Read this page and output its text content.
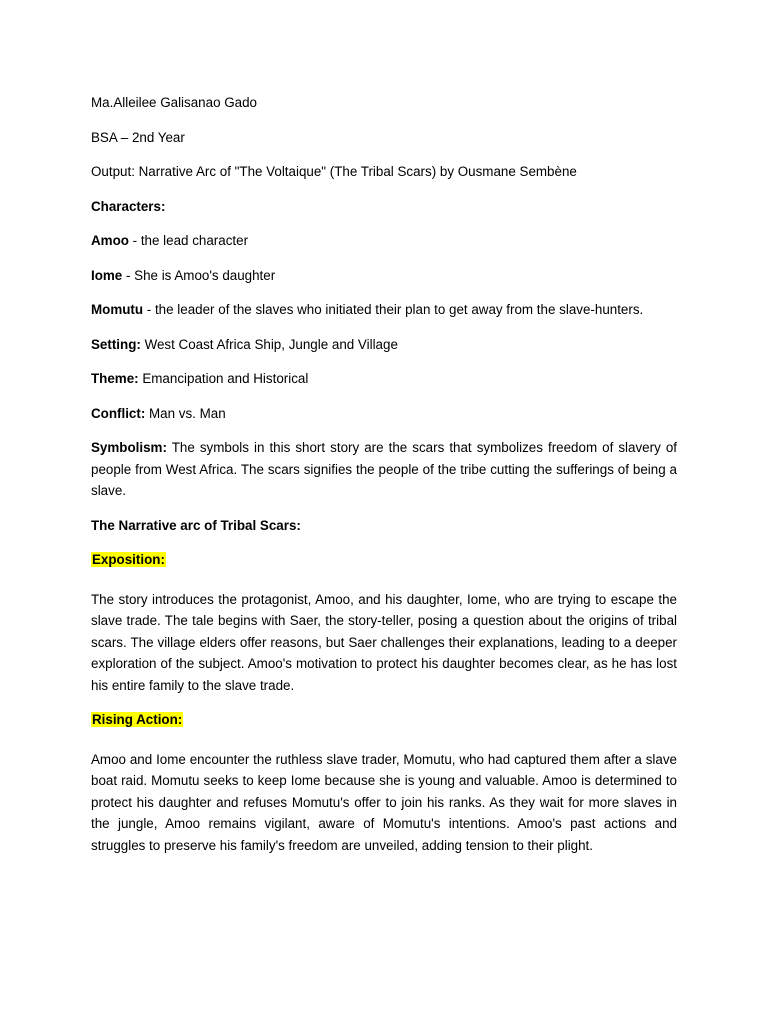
Ma.Alleilee Galisanao Gado
BSA – 2nd Year
Output: Narrative Arc of "The Voltaique" (The Tribal Scars) by Ousmane Sembène
Characters:
Amoo - the lead character
Iome - She is Amoo's daughter
Momutu - the leader of the slaves who initiated their plan to get away from the slave-hunters.
Setting: West Coast Africa Ship, Jungle and Village
Theme: Emancipation and Historical
Conflict: Man vs. Man
Symbolism: The symbols in this short story are the scars that symbolizes freedom of slavery of people from West Africa. The scars signifies the people of the tribe cutting the sufferings of being a slave.
The Narrative arc of Tribal Scars:
Exposition:
The story introduces the protagonist, Amoo, and his daughter, Iome, who are trying to escape the slave trade. The tale begins with Saer, the story-teller, posing a question about the origins of tribal scars. The village elders offer reasons, but Saer challenges their explanations, leading to a deeper exploration of the subject. Amoo's motivation to protect his daughter becomes clear, as he has lost his entire family to the slave trade.
Rising Action:
Amoo and Iome encounter the ruthless slave trader, Momutu, who had captured them after a slave boat raid. Momutu seeks to keep Iome because she is young and valuable. Amoo is determined to protect his daughter and refuses Momutu's offer to join his ranks. As they wait for more slaves in the jungle, Amoo remains vigilant, aware of Momutu's intentions. Amoo's past actions and struggles to preserve his family's freedom are unveiled, adding tension to their plight.
